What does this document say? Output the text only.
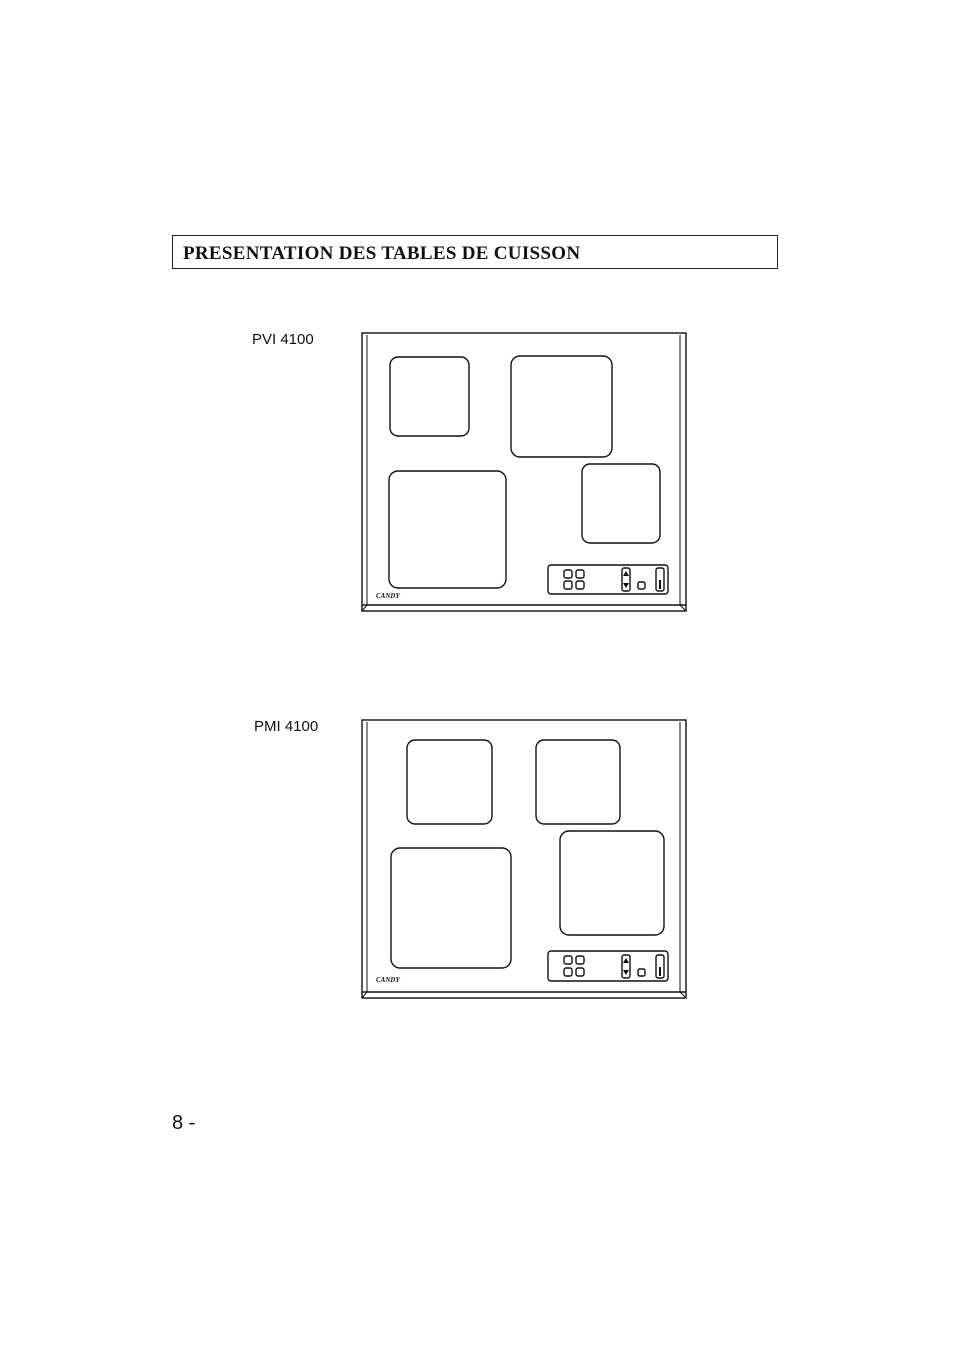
PRESENTATION DES TABLES DE CUISSON
PVI 4100
CANDY
PMI 4100
CANDY
8 -
